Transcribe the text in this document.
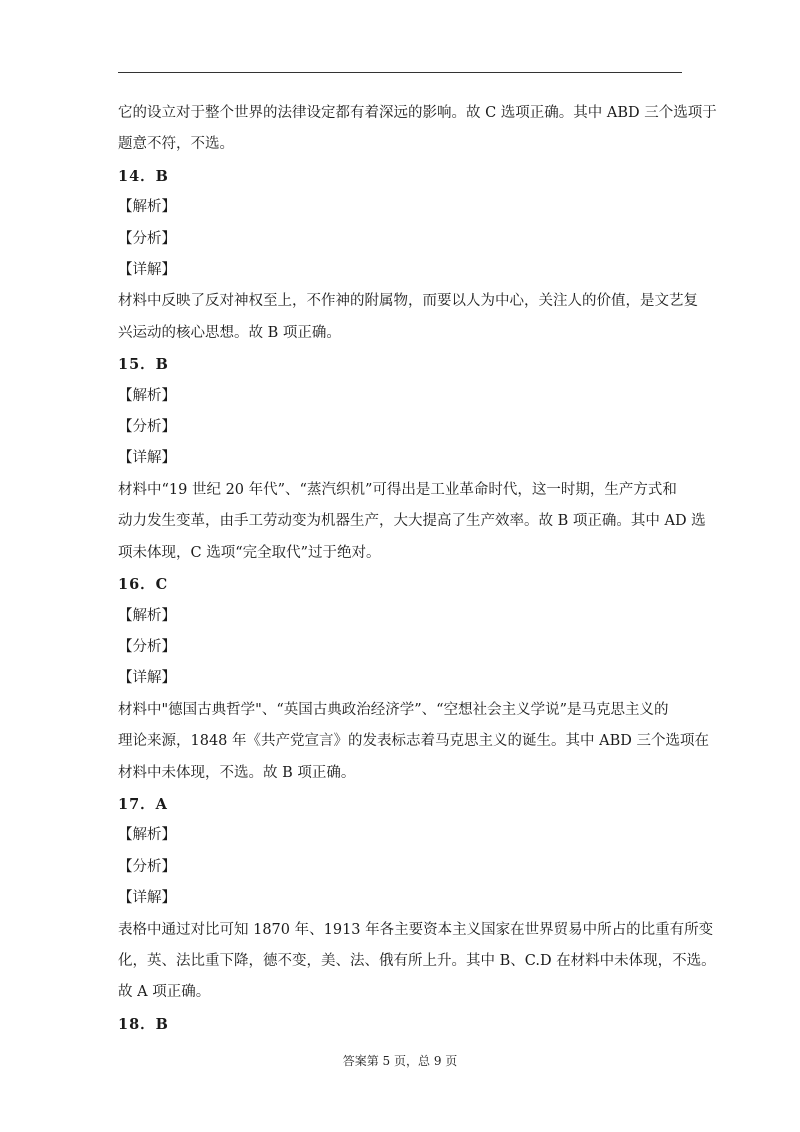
它的设立对于整个世界的法律设定都有着深远的影响。故 C 选项正确。其中 ABD 三个选项于
题意不符，不选。
14．B
【解析】
【分析】
【详解】
材料中反映了反对神权至上，不作神的附属物，而要以人为中心，关注人的价值，是文艺复
兴运动的核心思想。故 B 项正确。
15．B
【解析】
【分析】
【详解】
材料中“19 世纪 20 年代”、“蒸汽织机”可得出是工业革命时代，这一时期，生产方式和
动力发生变革，由手工劳动变为机器生产，大大提高了生产效率。故 B 项正确。其中 AD 选
项未体现，C 选项“完全取代”过于绝对。
16．C
【解析】
【分析】
【详解】
材料中"德国古典哲学"、“英国古典政治经济学”、“空想社会主义学说”是马克思主义的
理论来源，1848 年《共产党宣言》的发表标志着马克思主义的诞生。其中 ABD 三个选项在
材料中未体现，不选。故 B 项正确。
17．A
【解析】
【分析】
【详解】
表格中通过对比可知 1870 年、1913 年各主要资本主义国家在世界贸易中所占的比重有所变
化，英、法比重下降，德不变，美、法、俄有所上升。其中 B、C.D 在材料中未体现，不选。
故 A 项正确。
18．B
答案第 5 页，总 9 页
